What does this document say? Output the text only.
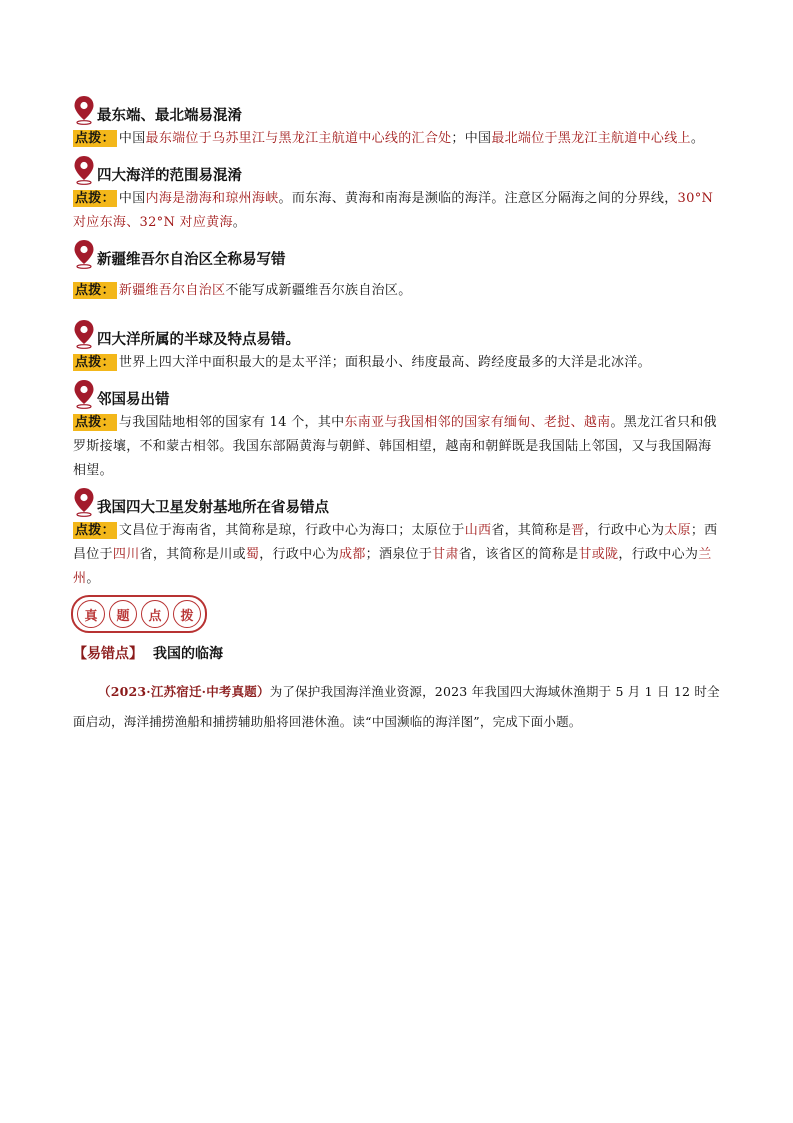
最东端、最北端易混淆
点拨： 中国最东端位于乌苏里江与黑龙江主航道中心线的汇合处；中国最北端位于黑龙江主航道中心线上。
四大海洋的范围易混淆
点拨： 中国内海是渤海和琼州海峡。而东海、黄海和南海是濒临的海洋。注意区分隔海之间的分界线，30°N 对应东海、32°N 对应黄海。
新疆维吾尔自治区全称易写错
点拨： 新疆维吾尔自治区不能写成新疆维吾尔族自治区。
四大洋所属的半球及特点易错。
点拨： 世界上四大洋中面积最大的是太平洋；面积最小、纬度最高、跨经度最多的大洋是北冰洋。
邻国易出错
点拨： 与我国陆地相邻的国家有 14 个，其中东南亚与我国相邻的国家有缅甸、老挝、越南。黑龙江省只和俄罗斯接壤，不和蒙古相邻。我国东部隔黄海与朝鲜、韩国相望，越南和朝鲜既是我国陆上邻国，又与我国隔海相望。
我国四大卫星发射基地所在省易错点
点拨： 文昌位于海南省，其简称是琼，行政中心为海口；太原位于山西省，其简称是晋，行政中心为太原；西昌位于四川省，其简称是川或蜀，行政中心为成都；酒泉位于甘肃省，该省区的简称是甘或陇，行政中心为兰州。
真	题	点	拨
【易错点】 我国的临海
（2023·江苏宿迁·中考真题）为了保护我国海洋渔业资源，2023 年我国四大海域休渔期于 5 月 1 日 12 时全面启动，海洋捕捞渔船和捕捞辅助船将回港休渔。读“中国濒临的海洋图”，完成下面小题。
